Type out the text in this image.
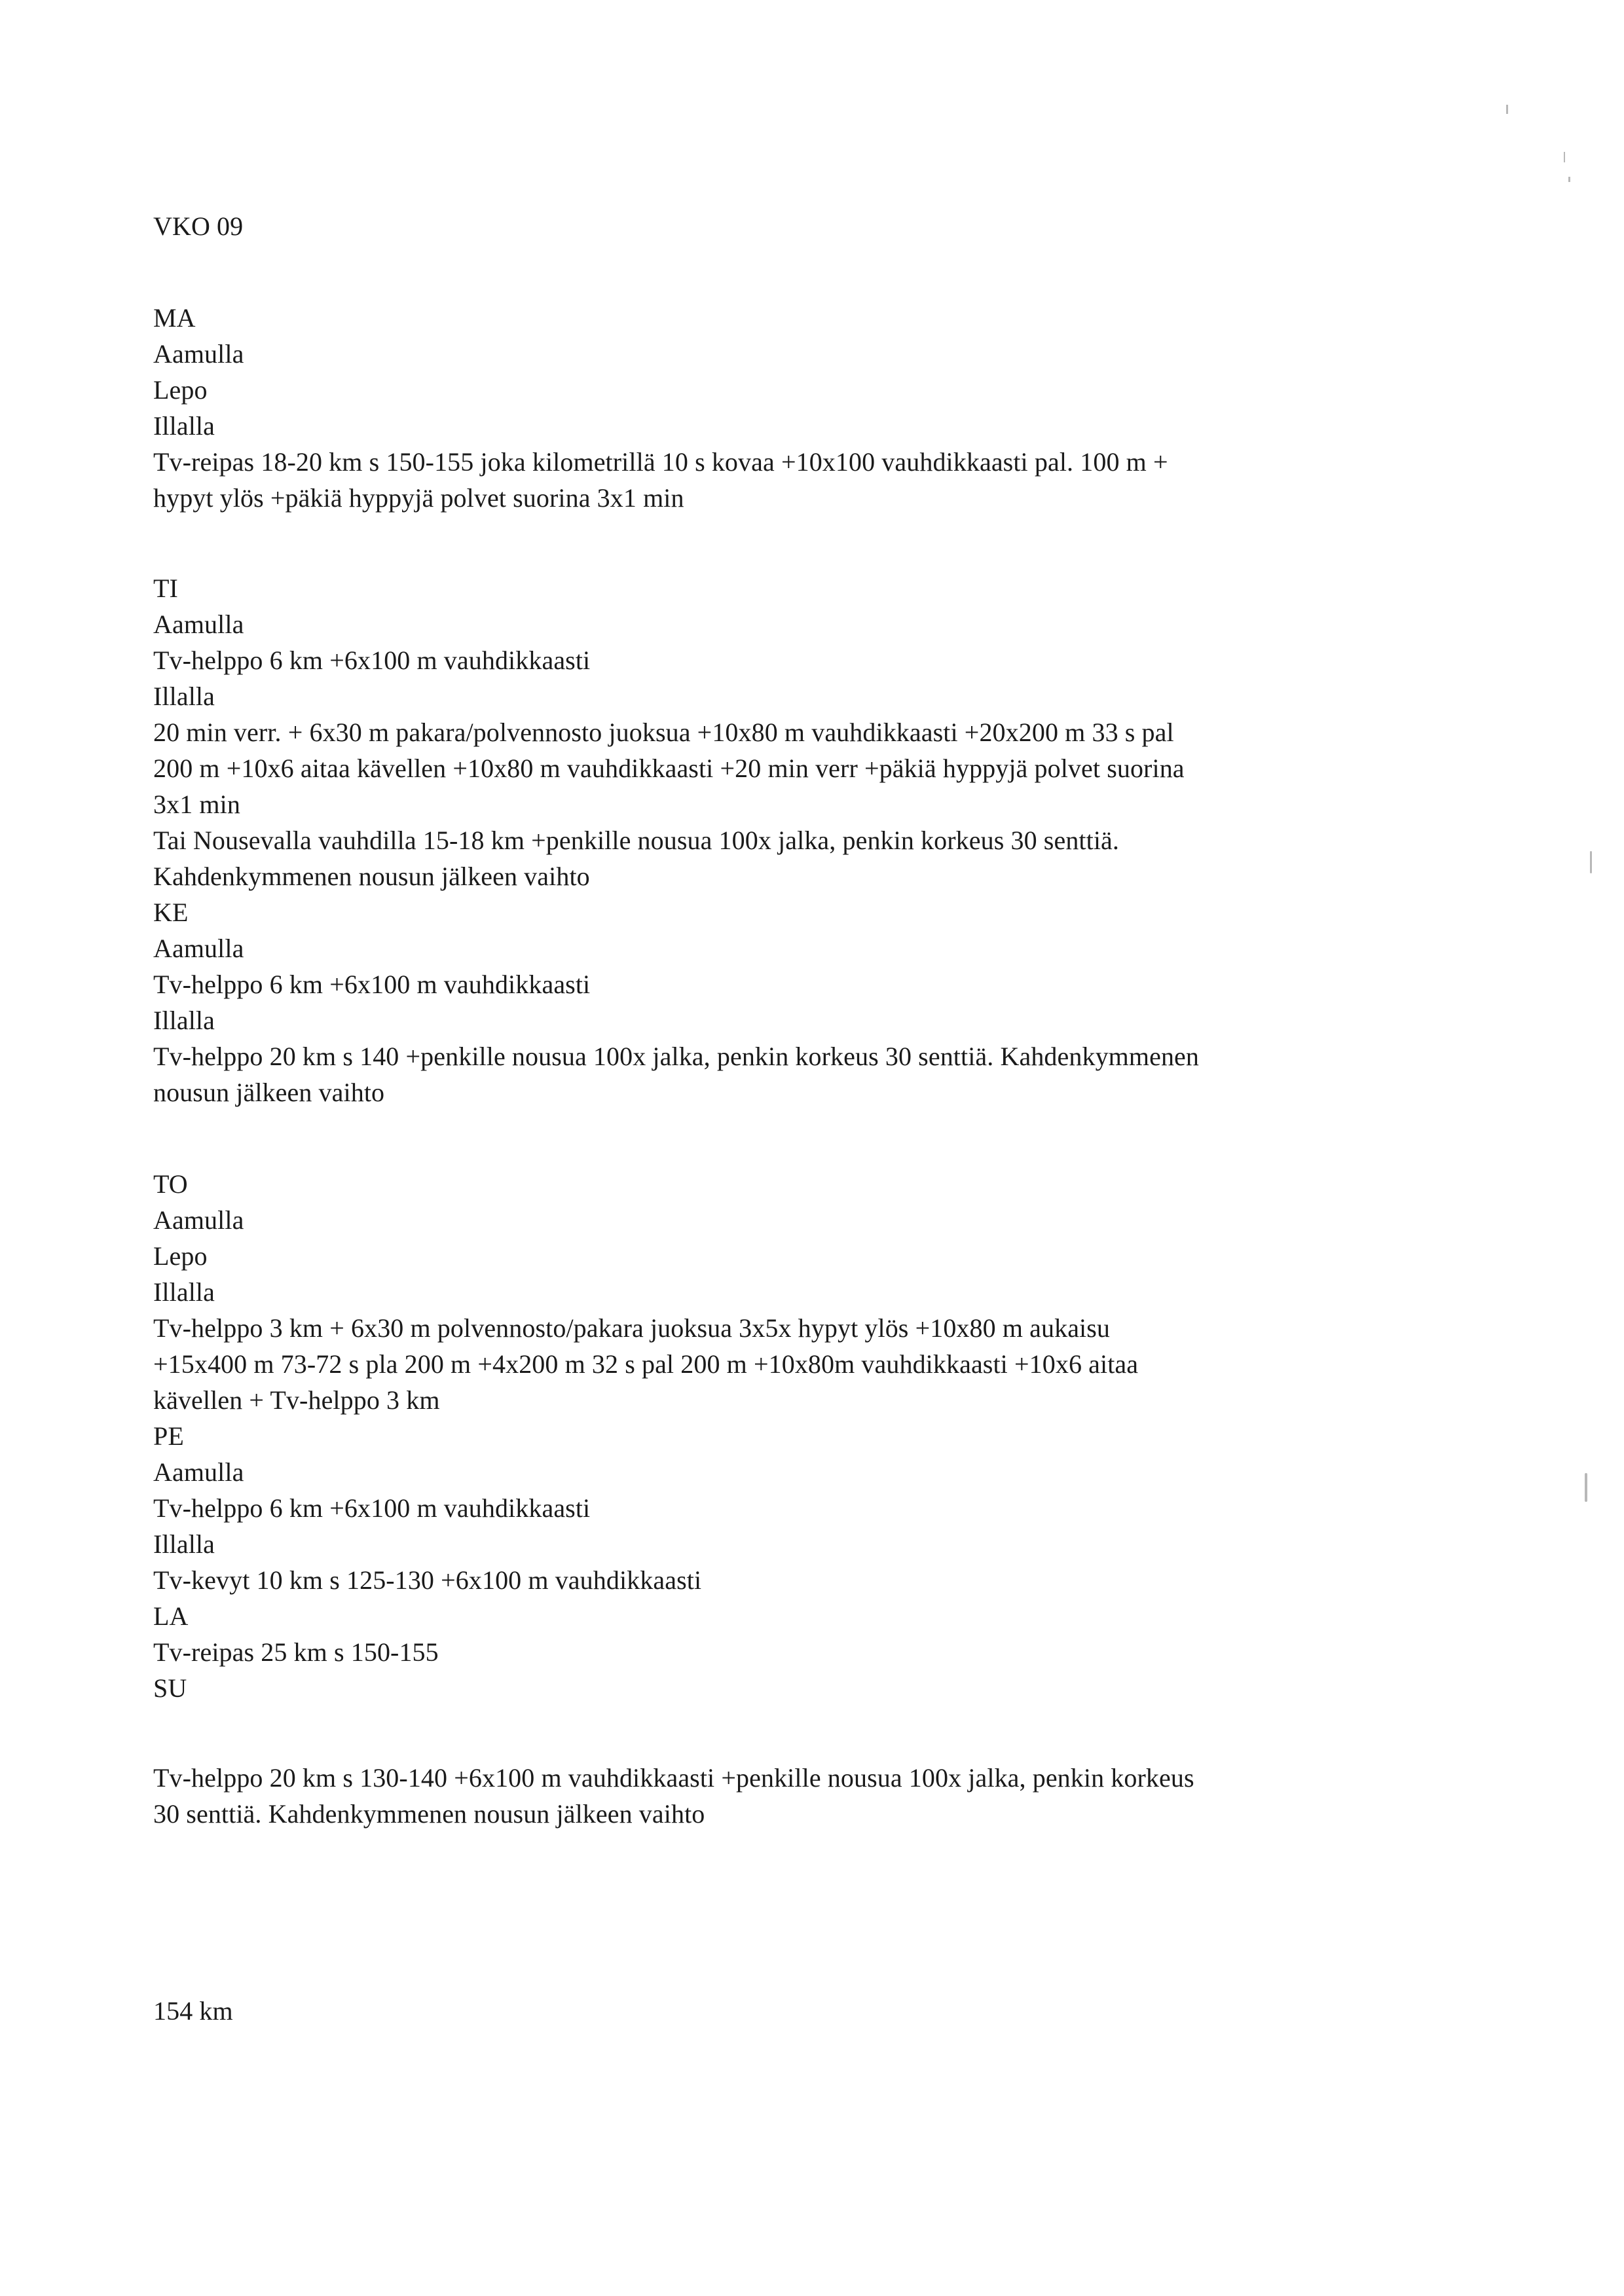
VKO 09
MA
Aamulla
Lepo
Illalla
Tv-reipas 18-20 km s 150-155 joka kilometrillä 10 s kovaa +10x100 vauhdikkaasti pal. 100 m +
hypyt ylös +päkiä hyppyjä polvet suorina 3x1 min
TI
Aamulla
Tv-helppo 6 km +6x100 m vauhdikkaasti
Illalla
20 min verr. + 6x30 m pakara/polvennosto juoksua +10x80 m vauhdikkaasti +20x200 m 33 s pal
200 m +10x6 aitaa kävellen +10x80 m vauhdikkaasti +20 min verr +päkiä hyppyjä polvet suorina
3x1 min
Tai Nousevalla vauhdilla 15-18 km +penkille nousua 100x jalka, penkin korkeus 30 senttiä.
Kahdenkymmenen nousun jälkeen vaihto
KE
Aamulla
Tv-helppo 6 km +6x100 m vauhdikkaasti
Illalla
Tv-helppo 20 km s 140 +penkille nousua 100x jalka, penkin korkeus 30 senttiä. Kahdenkymmenen
nousun jälkeen vaihto
TO
Aamulla
Lepo
Illalla
Tv-helppo 3 km + 6x30 m polvennosto/pakara juoksua 3x5x hypyt ylös +10x80 m aukaisu
+15x400 m 73-72 s pla 200 m +4x200 m 32 s pal 200 m +10x80m vauhdikkaasti +10x6 aitaa
kävellen + Tv-helppo 3 km
PE
Aamulla
Tv-helppo 6 km +6x100 m vauhdikkaasti
Illalla
Tv-kevyt 10 km s 125-130 +6x100 m vauhdikkaasti
LA
Tv-reipas 25 km s 150-155
SU
Tv-helppo 20 km s 130-140 +6x100 m vauhdikkaasti +penkille nousua 100x jalka, penkin korkeus
30 senttiä. Kahdenkymmenen nousun jälkeen vaihto
154 km
